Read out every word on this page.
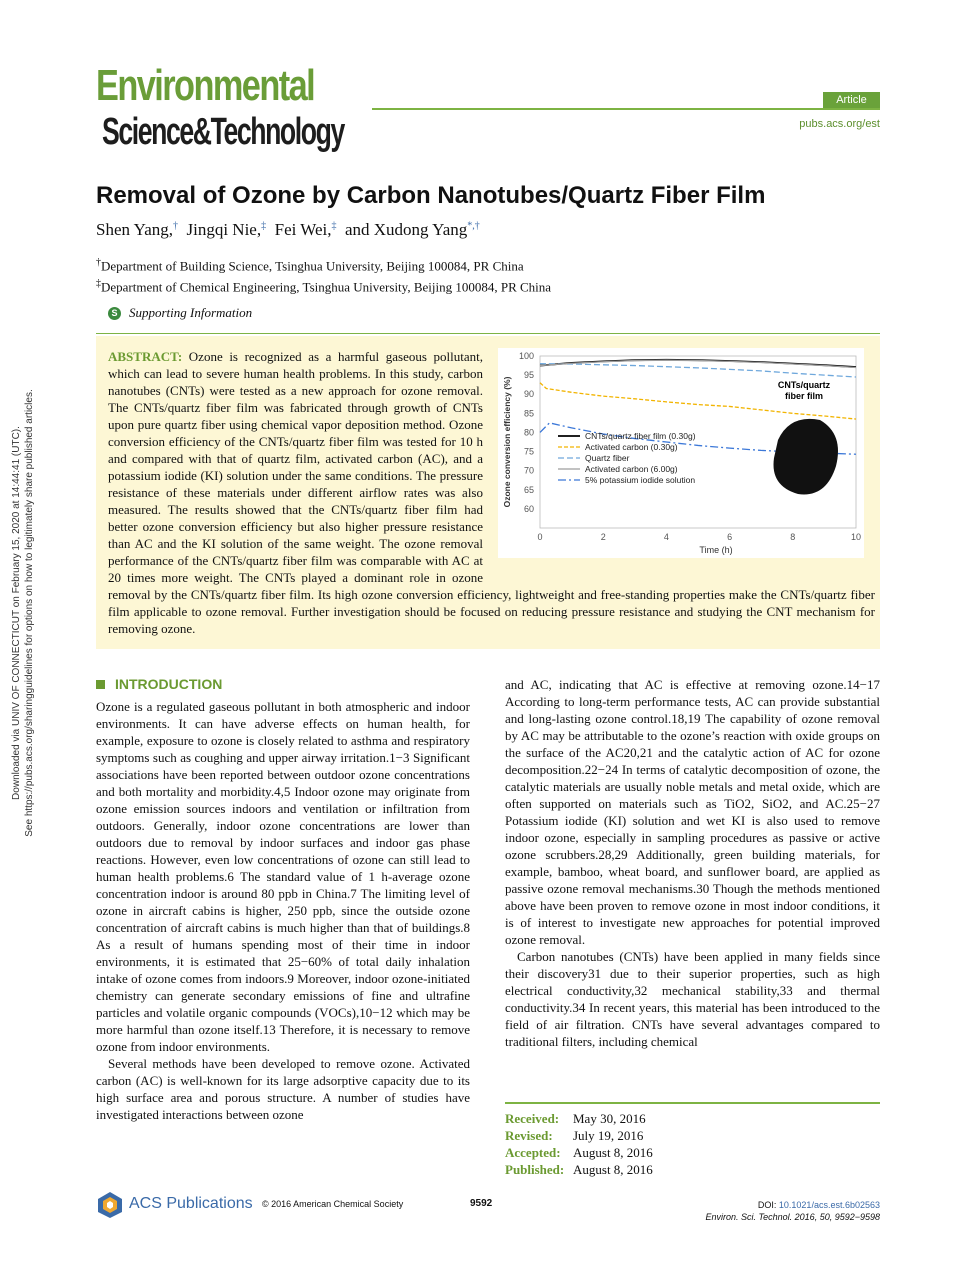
Environmental
Science&Technology
Article
pubs.acs.org/est
Removal of Ozone by Carbon Nanotubes/Quartz Fiber Film
Shen Yang,† Jingqi Nie,‡ Fei Wei,‡ and Xudong Yang*,†
†Department of Building Science, Tsinghua University, Beijing 100084, PR China
‡Department of Chemical Engineering, Tsinghua University, Beijing 100084, PR China
S Supporting Information
ABSTRACT: Ozone is recognized as a harmful gaseous pollutant, which can lead to severe human health problems. In this study, carbon nanotubes (CNTs) were tested as a new approach for ozone removal. The CNTs/quartz fiber film was fabricated through growth of CNTs upon pure quartz fiber using chemical vapor deposition method. Ozone conversion efficiency of the CNTs/quartz fiber film was tested for 10 h and compared with that of quartz film, activated carbon (AC), and a potassium iodide (KI) solution under the same conditions. The pressure resistance of these materials under different airflow rates was also measured. The results showed that the CNTs/quartz fiber film had better ozone conversion efficiency but also higher pressure resistance than AC and the KI solution of the same weight. The ozone removal performance of the CNTs/quartz fiber film was comparable with AC at 20 times more weight. The CNTs played a dominant role in ozone removal by the CNTs/quartz fiber film. Its high ozone conversion efficiency, lightweight and free-standing properties make the CNTs/quartz fiber film applicable to ozone removal. Further investigation should be focused on reducing pressure resistance and studying the CNT mechanism for removing ozone.
0	2	4	6	8	10
60
65
70
75
80
85
90
95
100
Time (h)
Ozone conversion efficiency (%)	CNTs/quartz fiber film (0.30g)
Activated carbon (0.30g)
Quartz fiber
Activated carbon (6.00g)
5% potassium iodide solution
CNTs/quartz
fiber film
Downloaded via UNIV OF CONNECTICUT on February 15, 2020 at 14:44:41 (UTC). See https://pubs.acs.org/sharingguidelines for options on how to legitimately share published articles.	INTRODUCTION

Ozone is a regulated gaseous pollutant in both atmospheric and indoor environments. It can have adverse effects on human health, for example, exposure to ozone is closely related to asthma and respiratory symptoms such as coughing and upper airway irritation.1−3 Significant associations have been reported between outdoor ozone concentrations and both mortality and morbidity.4,5 Indoor ozone may originate from ozone emission sources indoors and ventilation or infiltration from outdoors. Generally, indoor ozone concentrations are lower than outdoors due to removal by indoor surfaces and indoor gas phase reactions. However, even low concentrations of ozone can still lead to human health problems.6 The standard value of 1 h-average ozone concentration indoor is around 80 ppb in China.7 The limiting level of ozone in aircraft cabins is higher, 250 ppb, since the outside ozone concentration of aircraft cabins is much higher than that of buildings.8 As a result of humans spending most of their time in indoor environments, it is estimated that 25−60% of total daily inhalation intake of ozone comes from indoors.9 Moreover, indoor ozone-initiated chemistry can generate secondary emissions of fine and ultrafine particles and volatile organic compounds (VOCs),10−12 which may be more harmful than ozone itself.13 Therefore, it is necessary to remove ozone from indoor environments.

Several methods have been developed to remove ozone. Activated carbon (AC) is well-known for its large adsorptive capacity due to its high surface area and porous structure. A number of studies have investigated interactions between ozone

and AC, indicating that AC is effective at removing ozone.14−17 According to long-term performance tests, AC can provide substantial and long-lasting ozone control.18,19 The capability of ozone removal by AC may be attributable to the ozone’s reaction with oxide groups on the surface of the AC20,21 and the catalytic action of AC for ozone decomposition.22−24 In terms of catalytic decomposition of ozone, the catalytic materials are usually noble metals and metal oxide, which are often supported on materials such as TiO2, SiO2, and AC.25−27 Potassium iodide (KI) solution and wet KI is also used to remove indoor ozone, especially in sampling procedures as passive or active ozone scrubbers.28,29 Additionally, green building materials, for example, bamboo, wheat board, and sunflower board, are applied as passive ozone removal mechanisms.30 Though the methods mentioned above have been proven to remove ozone in most indoor conditions, it is of interest to investigate new approaches for potential improved ozone removal.

Carbon nanotubes (CNTs) have been applied in many fields since their discovery31 due to their superior properties, such as high electrical conductivity,32 mechanical stability,33 and thermal conductivity.34 In recent years, this material has been introduced to the field of air filtration. CNTs have several advantages compared to traditional filters, including chemical

Received:	May 30, 2016
Revised:	July 19, 2016
Accepted: August 8, 2016
Published: August 8, 2016
ACS Publications © 2016 American Chemical Society	9592	DOI: 10.1021/acs.est.6b02563
Environ. Sci. Technol. 2016, 50, 9592−9598
